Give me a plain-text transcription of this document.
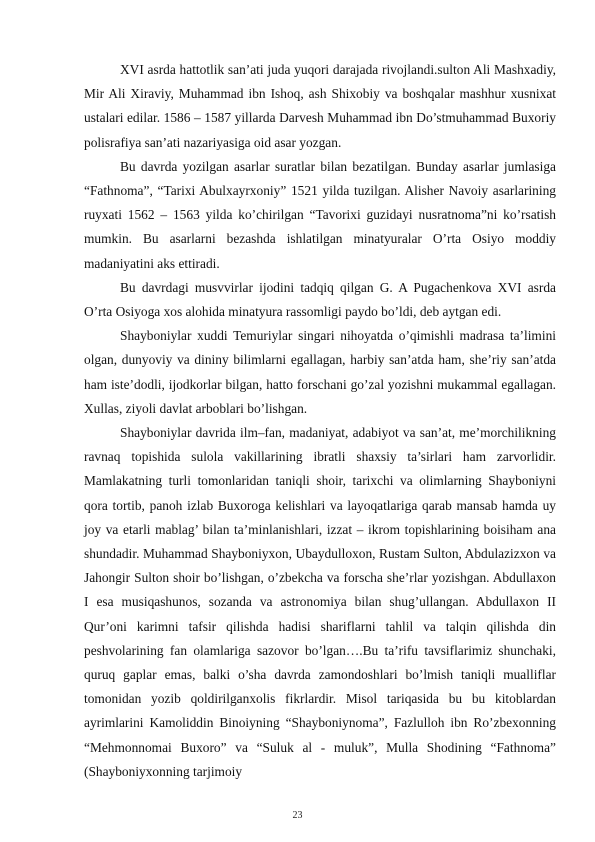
XVI asrda hattotlik san’ati juda yuqori darajada rivojlandi.sulton Ali Mashxadiy, Mir Ali Xiraviy, Muhammad ibn Ishoq, ash Shixobiy va boshqalar mashhur xusnixat ustalari edilar. 1586 – 1587 yillarda Darvesh Muhammad ibn Do’stmuhammad Buxoriy polisrafiya san’ati nazariyasiga oid asar yozgan.

Bu davrda yozilgan asarlar suratlar bilan bezatilgan. Bunday asarlar jumlasiga “Fathnoma”, “Tarixi Abulxayrxoniy” 1521 yilda tuzilgan. Alisher Navoiy asarlarining ruyxati 1562 – 1563 yilda ko’chirilgan “Tavorixi guzidayi nusratnoma”ni ko’rsatish mumkin. Bu asarlarni bezashda ishlatilgan minatyuralar O’rta Osiyo moddiy madaniyatini aks ettiradi.

Bu davrdagi musvvirlar ijodini tadqiq qilgan G. A Pugachenkova XVI asrda O’rta Osiyoga xos alohida minatyura rassomligi paydo bo’ldi, deb aytgan edi.

Shayboniylar xuddi Temuriylar singari nihoyatda o’qimishli madrasa ta’limini olgan, dunyoviy va dininy bilimlarni egallagan, harbiy san’atda ham, she’riy san’atda ham iste’dodli, ijodkorlar bilgan, hatto forschani go’zal yozishni mukammal egallagan. Xullas, ziyoli davlat arboblari bo’lishgan.

Shayboniylar davrida ilm–fan, madaniyat, adabiyot va san’at, me’morchilikning ravnaq topishida sulola vakillarining ibratli shaxsiy ta’sirlari ham zarvorlidir. Mamlakatning turli tomonlaridan taniqli shoir, tarixchi va olimlarning Shayboniyni qora tortib, panoh izlab Buxoroga kelishlari va layoqatlariga qarab mansab hamda uy joy va etarli mablag’ bilan ta’minlanishlari, izzat – ikrom topishlarining boisiham ana shundadir. Muhammad Shayboniyxon, Ubaydulloxon, Rustam Sulton, Abdulazizxon va Jahongir Sulton shoir bo’lishgan, o’zbekcha va forscha she’rlar yozishgan. Abdullaxon I esa musiqashunos, sozanda va astronomiya bilan shug’ullangan. Abdullaxon II Qur’oni karimni tafsir qilishda hadisi shariflarni tahlil va talqin qilishda din peshvolarining fan olamlariga sazovor bo’lgan….Bu ta’rifu tavsiflarimiz shunchaki, quruq gaplar emas, balki o’sha davrda zamondoshlari bo’lmish taniqli mualliflar tomonidan yozib qoldirilganxolis fikrlardir. Misol tariqasida bu bu kitoblardan ayrimlarini Kamoliddin Binoiyning “Shayboniynoma”, Fazlulloh ibn Ro’zbexonning “Mehmonnomai Buxoro” va “Suluk al - muluk”, Mulla Shodining “Fathnoma” (Shayboniyxonning tarjimoiy

23
